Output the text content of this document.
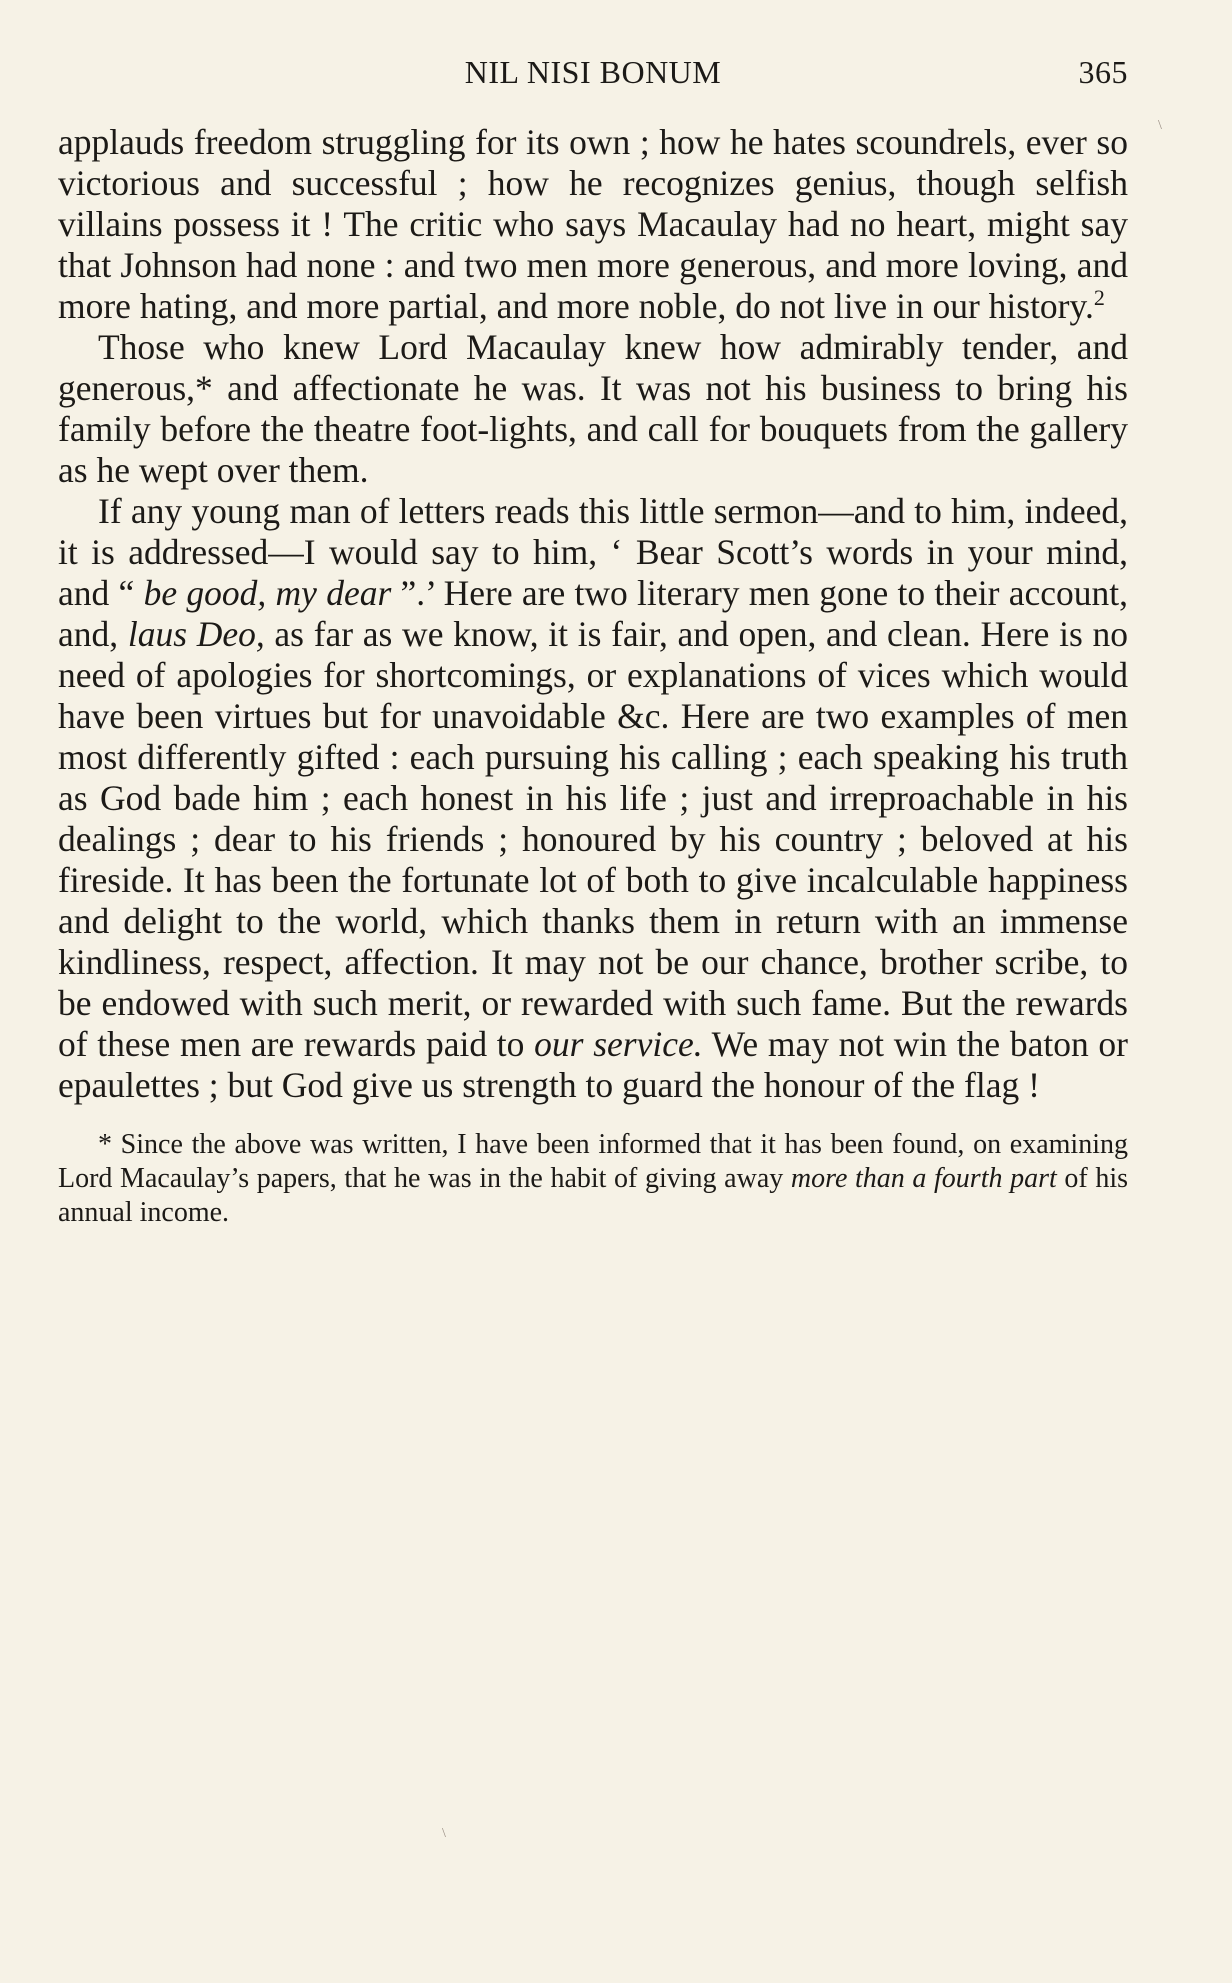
NIL NISI BONUM	365

applauds freedom struggling for its own ; how he hates scoundrels, ever so victorious and successful ; how he recognizes genius, though selfish villains possess it ! The critic who says Macaulay had no heart, might say that Johnson had none : and two men more generous, and more loving, and more hating, and more partial, and more noble, do not live in our history.$^2$

Those who knew Lord Macaulay knew how admirably tender, and generous,* and affectionate he was. It was not his business to bring his family before the theatre foot-lights, and call for bouquets from the gallery as he wept over them.

If any young man of letters reads this little sermon—and to him, indeed, it is addressed—I would say to him, ‘ Bear Scott’s words in your mind, and “ be good, my dear ”.’ Here are two literary men gone to their account, and, laus Deo, as far as we know, it is fair, and open, and clean. Here is no need of apologies for shortcomings, or explanations of vices which would have been virtues but for unavoidable &c. Here are two examples of men most differently gifted : each pursuing his calling ; each speaking his truth as God bade him ; each honest in his life ; just and irreproachable in his dealings ; dear to his friends ; honoured by his country ; beloved at his fireside. It has been the fortunate lot of both to give incalculable happiness and delight to the world, which thanks them in return with an immense kindliness, respect, affection. It may not be our chance, brother scribe, to be endowed with such merit, or rewarded with such fame. But the rewards of these men are rewards paid to our service. We may not win the baton or epaulettes ; but God give us strength to guard the honour of the flag !

* Since the above was written, I have been informed that it has been found, on examining Lord Macaulay’s papers, that he was in the habit of giving away more than a fourth part of his annual income.
\
\
